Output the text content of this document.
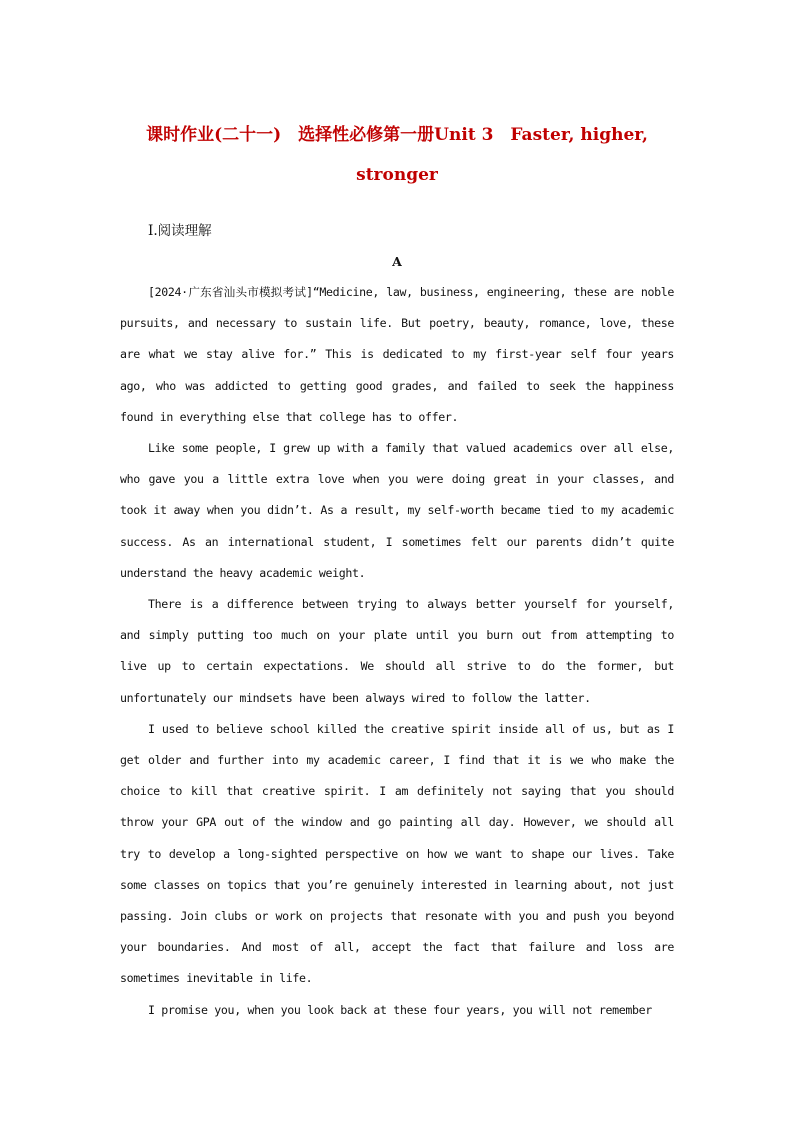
课时作业(二十一)　选择性必修第一册Unit 3　Faster, higher,
stronger
Ⅰ.阅读理解
A

[2024·广东省汕头市模拟考试]“Medicine, law, business, engineering, these are noble pursuits, and necessary to sustain life. But poetry, beauty, romance, love, these are what we stay alive for.” This is dedicated to my first-year self four years ago, who was addicted to getting good grades, and failed to seek the happiness found in everything else that college has to offer.

Like some people, I grew up with a family that valued academics over all else, who gave you a little extra love when you were doing great in your classes, and took it away when you didn’t. As a result, my self-worth became tied to my academic success. As an international student, I sometimes felt our parents didn’t quite understand the heavy academic weight.

There is a difference between trying to always better yourself for yourself, and simply putting too much on your plate until you burn out from attempting to live up to certain expectations. We should all strive to do the former, but unfortunately our mindsets have been always wired to follow the latter.

I used to believe school killed the creative spirit inside all of us, but as I get older and further into my academic career, I find that it is we who make the choice to kill that creative spirit. I am definitely not saying that you should throw your GPA out of the window and go painting all day. However, we should all try to develop a long-sighted perspective on how we want to shape our lives. Take some classes on topics that you’re genuinely interested in learning about, not just passing. Join clubs or work on projects that resonate with you and push you beyond your boundaries. And most of all, accept the fact that failure and loss are sometimes inevitable in life.

I promise you, when you look back at these four years, you will not remember
